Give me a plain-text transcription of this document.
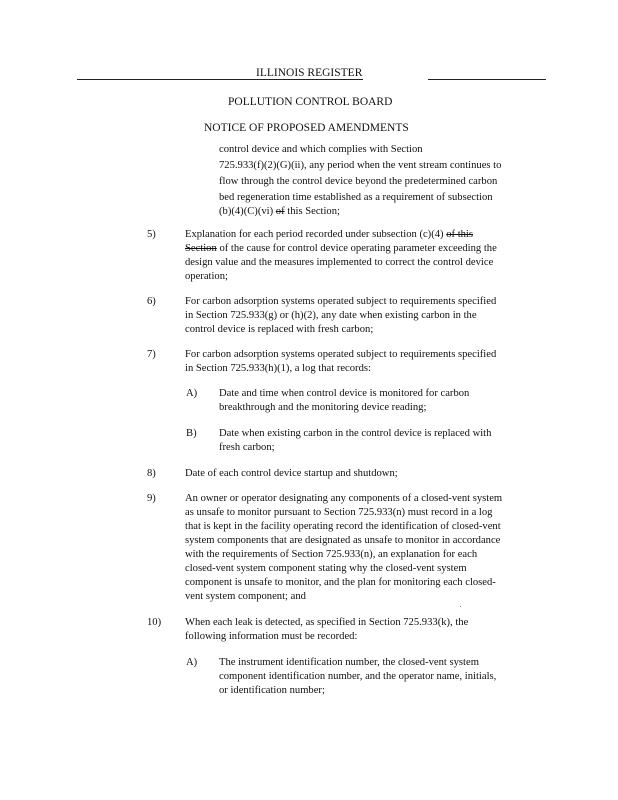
ILLINOIS REGISTER
POLLUTION CONTROL BOARD
NOTICE OF PROPOSED AMENDMENTS
control device and which complies with Section
725.933(f)(2)(G)(ii), any period when the vent stream continues to
flow through the control device beyond the predetermined carbon
bed regeneration time established as a requirement of subsection
(b)(4)(C)(vi) of this Section;
5)	Explanation for each period recorded under subsection (c)(4) of this
Section of the cause for control device operating parameter exceeding the
design value and the measures implemented to correct the control device
operation;
6)	For carbon adsorption systems operated subject to requirements specified
in Section 725.933(g) or (h)(2), any date when existing carbon in the
control device is replaced with fresh carbon;
7)	For carbon adsorption systems operated subject to requirements specified
in Section 725.933(h)(1), a log that records:
A) Date and time when control device is monitored for carbon
breakthrough and the monitoring device reading;
B) Date when existing carbon in the control device is replaced with
fresh carbon;
8)	Date of each control device startup and shutdown;
9)	An owner or operator designating any components of a closed-vent system
as unsafe to monitor pursuant to Section 725.933(n) must record in a log
that is kept in the facility operating record the identification of closed-vent
system components that are designated as unsafe to monitor in accordance
with the requirements of Section 725.933(n), an explanation for each
closed-vent system component stating why the closed-vent system
component is unsafe to monitor, and the plan for monitoring each closed-
vent system component; and
10) When each leak is detected, as specified in Section 725.933(k), the
following information must be recorded:
A) The instrument identification number, the closed-vent system
component identification number, and the operator name, initials,
or identification number;
